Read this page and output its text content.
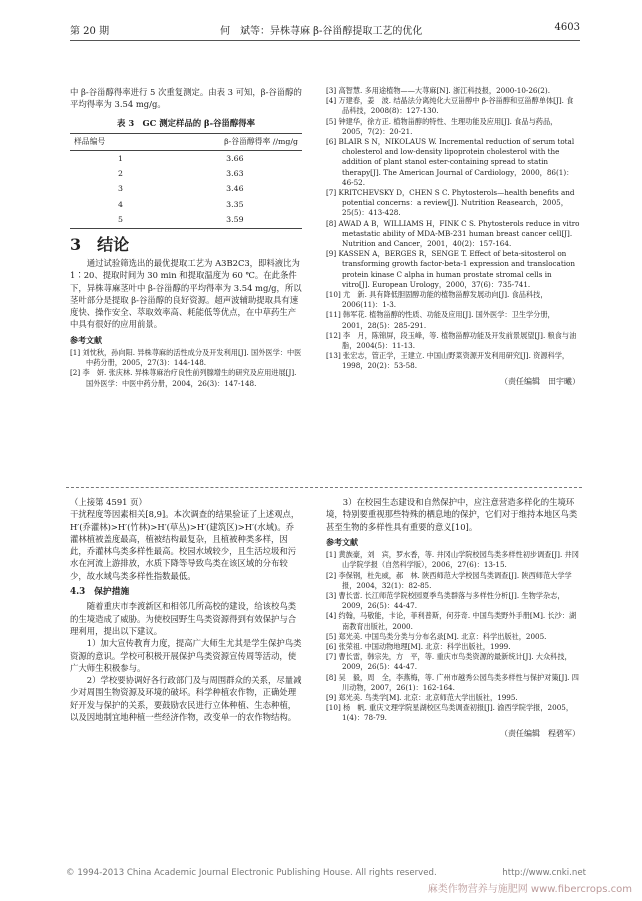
第 20 期	何　斌等：异株荨麻 β-谷甾醇提取工艺的优化	4603

中 β-谷甾醇得率进行 5 次重复测定。由表 3 可知，β-谷甾醇的平均得率为 3.54 mg/g。

表 3　GC 测定样品的 β-谷甾醇得率
样品编号	β-谷甾醇得率 //mg/g
1	3.66
2	3.63
3	3.46
4	3.35
5	3.59
3　结论

通过试验筛选出的最优提取工艺为 A3B2C3，即料液比为 1∶20、提取时间为 30 min 和提取温度为 60 ℃。在此条件下，异株荨麻茎叶中 β-谷甾醇的平均得率为 3.54 mg/g，所以茎叶部分是提取 β-谷甾醇的良好资源。超声波辅助提取具有速度快、操作安全、萃取效率高、耗能低等优点，在中草药生产中具有很好的应用前景。

参考文献

[1] 刘忱秋，孙向阳. 异株荨麻的活性成分及开发利用[J]. 国外医学：中医中药分册，2005，27(3)：144-148.

[2] 李　妍. 张庆林. 异株荨麻治疗良性前列腺增生的研究及应用进展[J]. 国外医学：中医中药分册，2004，26(3)：147-148.

[3] 高智慧. 多用途植物——大荨麻[N]. 浙江科技报，2000-10-26(2).

[4] 万建春，姜　波. 结晶法分离纯化大豆甾醇中 β-谷甾醇和豆甾醇单体[J]. 食品科技，2008(8)：127-130.

[5] 钟建华，徐方正. 植物甾醇的特性、生理功能及应用[J]. 食品与药品，2005，7(2)：20-21.

[6] BLAIR S N，NIKOLAUS W. Incremental reduction of serum total cholesterol and low-density lipoprotein cholesterol with the addition of plant stanol ester-containing spread to statin therapy[J]. The American Journal of Cardiology，2000，86(1)：46-52.

[7] KRITCHEVSKY D，CHEN S C. Phytosterols—health benefits and potential concerns：a review[J]. Nutrition Reasearch，2005，25(5)：413-428.

[8] AWAD A B，WILLIAMS H，FINK C S. Phytosterols reduce in vitro metastatic ability of MDA-MB-231 human breast cancer cell[J]. Nutrition and Cancer，2001，40(2)：157-164.

[9] KASSEN A，BERGES R，SENGE T. Effect of beta-sitosterol on transforming growth factor-beta-1 expression and translocation protein kinase C alpha in human prostate stromal cells in vitro[J]. European Urology，2000，37(6)：735-741.

[10] 尤　新. 具有降低胆固醇功能的植物甾醇发展动向[J]. 食品科技，2006(11)：1-3.

[11] 韩军花. 植物甾醇的性质、功能及应用[J]. 国外医学：卫生学分册，2001，28(5)：285-291.

[12] 李　月，陈锦屏，段玉峰，等. 植物甾醇功能及开发前景展望[J]. 粮食与油脂，2004(5)：11-13.

[13] 张宏志，管正学，王建立. 中国山野菜资源开发利用研究[J]. 资源科学，1998，20(2)：53-58.

（责任编辑　田宇曦）

（上接第 4591 页）

干扰程度等因素相关[8,9]。本次调查的结果验证了上述观点，H′(乔灌林)>H′(竹林)>H′(草丛)>H′(建筑区)>H′(水域)。乔灌林植被盖度最高，植被结构最复杂，且植被种类多样，因此，乔灌林鸟类多样性最高。校园水域较少，且生活垃圾和污水在河流上游排放，水质下降等导致鸟类在该区域的分布较少，故水域鸟类多样性指数最低。

4.3　保护措施

随着重庆市李渡新区和相邻几所高校的建设，给该校鸟类的生境造成了威胁。为使校园野生鸟类资源得到有效保护与合理利用，提出以下建议。

1）加大宣传教育力度，提高广大师生尤其是学生保护鸟类资源的意识。学校可积极开展保护鸟类资源宣传周等活动，使广大师生积极参与。

2）学校要协调好各行政部门及与周围群众的关系，尽量减少对周围生物资源及环境的破坏。科学种植农作物，正确处理好开发与保护的关系，要鼓励农民进行立体种植、生态种植，以及因地制宜地种植一些经济作物，改变单一的农作物结构。

3）在校园生态建设和自然保护中，应注意营造多样化的生境环境，特别要重视那些特殊的栖息地的保护，它们对于维持本地区鸟类甚至生物的多样性具有重要的意义[10]。

参考文献

[1] 黄族豪，刘　宾，罗水香，等. 井冈山学院校园鸟类多样性初步调查[J]. 井冈山学院学报（自然科学版），2006，27(6)：13-15.

[2] 李保钢，杜先威，郝　林. 陕西师范大学校园鸟类调查[J]. 陕西师范大学学报，2004，32(1)：82-85.

[3] 曹长雷. 长江师范学院校园夏季鸟类群落与多样性分析[J]. 生物学杂志，2009，26(5)：44-47.

[4] 约翰，马敬能，卡论，菲利普斯，何芬奇. 中国鸟类野外手册[M]. 长沙：湖南教育出版社，2000.

[5] 郑光美. 中国鸟类分类与分布名录[M]. 北京：科学出版社，2005.

[6] 张荣祖. 中国动物地理[M]. 北京：科学出版社，1999.

[7] 曹长雷，韩宗先，方　平，等. 重庆市鸟类资源的最新统计[J]. 大众科技，2009，26(5)：44-47.

[8] 吴　毅，周　全，李燕梅，等. 广州市越秀公园鸟类多样性与保护对策[J]. 四川动物，2007，26(1)：162-164.

[9] 郑光美. 鸟类学[M]. 北京：北京师范大学出版社，1995.

[10] 杨　帆. 重庆文理学院星湖校区鸟类调查初报[J]. 渝西学院学报，2005，1(4)：78-79.

（责任编辑　程碧军）
© 1994-2013 China Academic Journal Electronic Publishing House. All rights reserved.	http://www.cnki.net
麻类作物营养与施肥网 www.fiber​crops.com
